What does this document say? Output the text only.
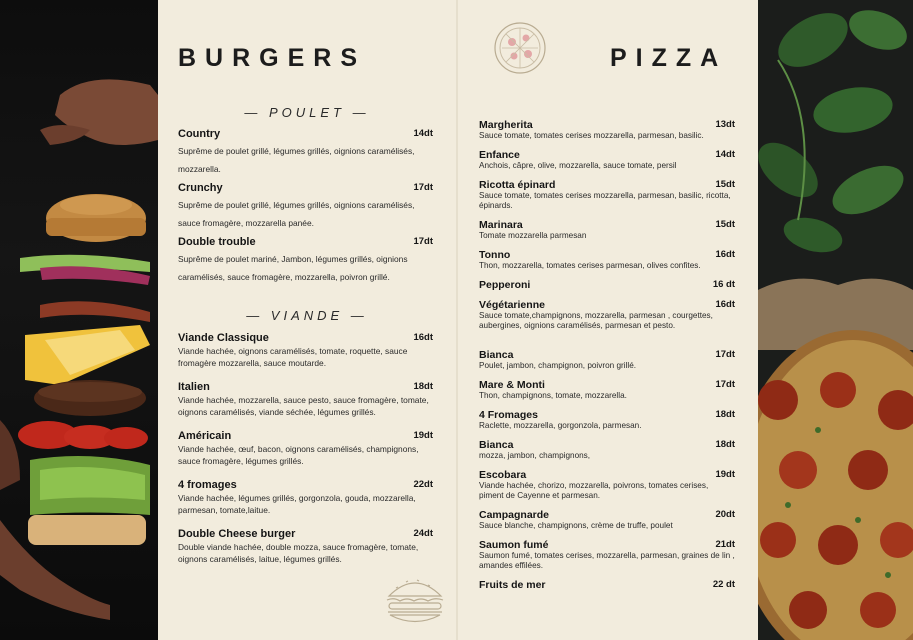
BURGERS
— POULET —
Country	14dt
Suprême de poulet grillé, légumes grillés, oignions caramélisés, mozzarella.
Crunchy	17dt
Suprême de poulet grillé, légumes grillés, oignions caramélisés, sauce fromagère, mozzarella panée.
Double trouble	17dt
Suprême de poulet mariné, Jambon, légumes grillés, oignions caramélisés, sauce fromagère, mozzarella, poivron grillé.
— VIANDE —
Viande Classique	16dt
Viande hachée, oignons caramélisés, tomate, roquette, sauce fromagère mozzarella, sauce moutarde.
Italien	18dt
Viande hachée, mozzarella, sauce pesto, sauce fromagère, tomate, oignons caramélisés, viande séchée, légumes grillés.
Américain	19dt
Viande hachée, œuf, bacon, oignons caramélisés, champignons, sauce fromagère, légumes grillés.
4 fromages	22dt
Viande hachée, légumes grillés, gorgonzola, gouda, mozzarella, parmesan, tomate,laitue.
Double Cheese burger	24dt
Double viande hachée, double mozza, sauce fromagère, tomate, oignons caramélisés, laitue, légumes grillés.
PIZZA
Margherita	13dt
Sauce tomate, tomates cerises mozzarella, parmesan, basilic.
Enfance	14dt
Anchois, câpre, olive, mozzarella, sauce tomate, persil
Ricotta épinard	15dt
Sauce tomate, tomates cerises mozzarella, parmesan, basilic, ricotta, épinards.
Marinara	15dt
Tomate mozzarella parmesan
Tonno	16dt
Thon, mozzarella, tomates cerises parmesan, olives confites.
Pepperoni	16 dt
Végétarienne	16dt
Sauce tomate,champignons, mozzarella, parmesan , courgettes, aubergines, oignions caramélisés, parmesan et pesto.
Bianca	17dt
Poulet, jambon, champignon, poivron grillé.
Mare & Monti	17dt
Thon, champignons, tomate, mozzarella.
4 Fromages	18dt
Raclette, mozzarella, gorgonzola, parmesan.
Bianca	18dt
mozza, jambon, champignons,
Escobara	19dt
Viande hachée, chorizo, mozzarella, poivrons, tomates cerises, piment de Cayenne et parmesan.
Campagnarde	20dt
Sauce blanche, champignons, crème de truffe, poulet
Saumon fumé	21dt
Saumon fumé, tomates cerises, mozzarella, parmesan, graines de lin , amandes effilées.
Fruits de mer	22 dt
